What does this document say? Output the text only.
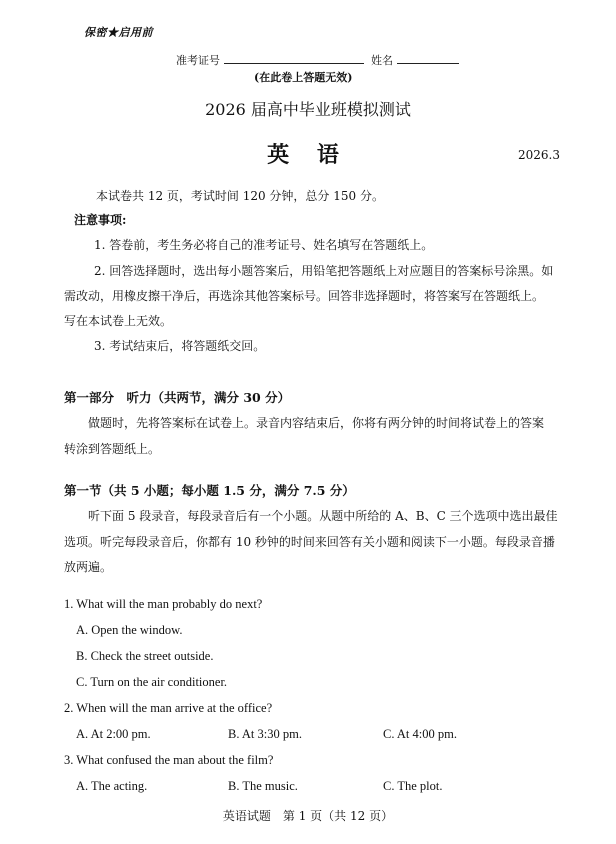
保密★启用前
准考证号	姓名
(在此卷上答题无效)
2026 届高中毕业班模拟测试
英 语	2026.3
本试卷共 12 页，考试时间 120 分钟，总分 150 分。
注意事项:
1. 答卷前，考生务必将自己的准考证号、姓名填写在答题纸上。
2. 回答选择题时，选出每小题答案后，用铅笔把答题纸上对应题目的答案标号涂黑。如
需改动，用橡皮擦干净后，再选涂其他答案标号。回答非选择题时，将答案写在答题纸上。
写在本试卷上无效。
3. 考试结束后，将答题纸交回。
第一部分　听力（共两节，满分 30 分）
做题时，先将答案标在试卷上。录音内容结束后，你将有两分钟的时间将试卷上的答案
转涂到答题纸上。
第一节（共 5 小题；每小题 1.5 分，满分 7.5 分）
听下面 5 段录音，每段录音后有一个小题。从题中所给的 A、B、C 三个选项中选出最佳
选项。听完每段录音后，你都有 10 秒钟的时间来回答有关小题和阅读下一小题。每段录音播
放两遍。
1. What will the man probably do next?
A. Open the window.
B. Check the street outside.
C. Turn on the air conditioner.
2. When will the man arrive at the office?
A. At 2:00 pm.	B. At 3:30 pm.	C. At 4:00 pm.
3. What confused the man about the film?
A. The acting.	B. The music.	C. The plot.
英语试题　第 1 页（共 12 页）
